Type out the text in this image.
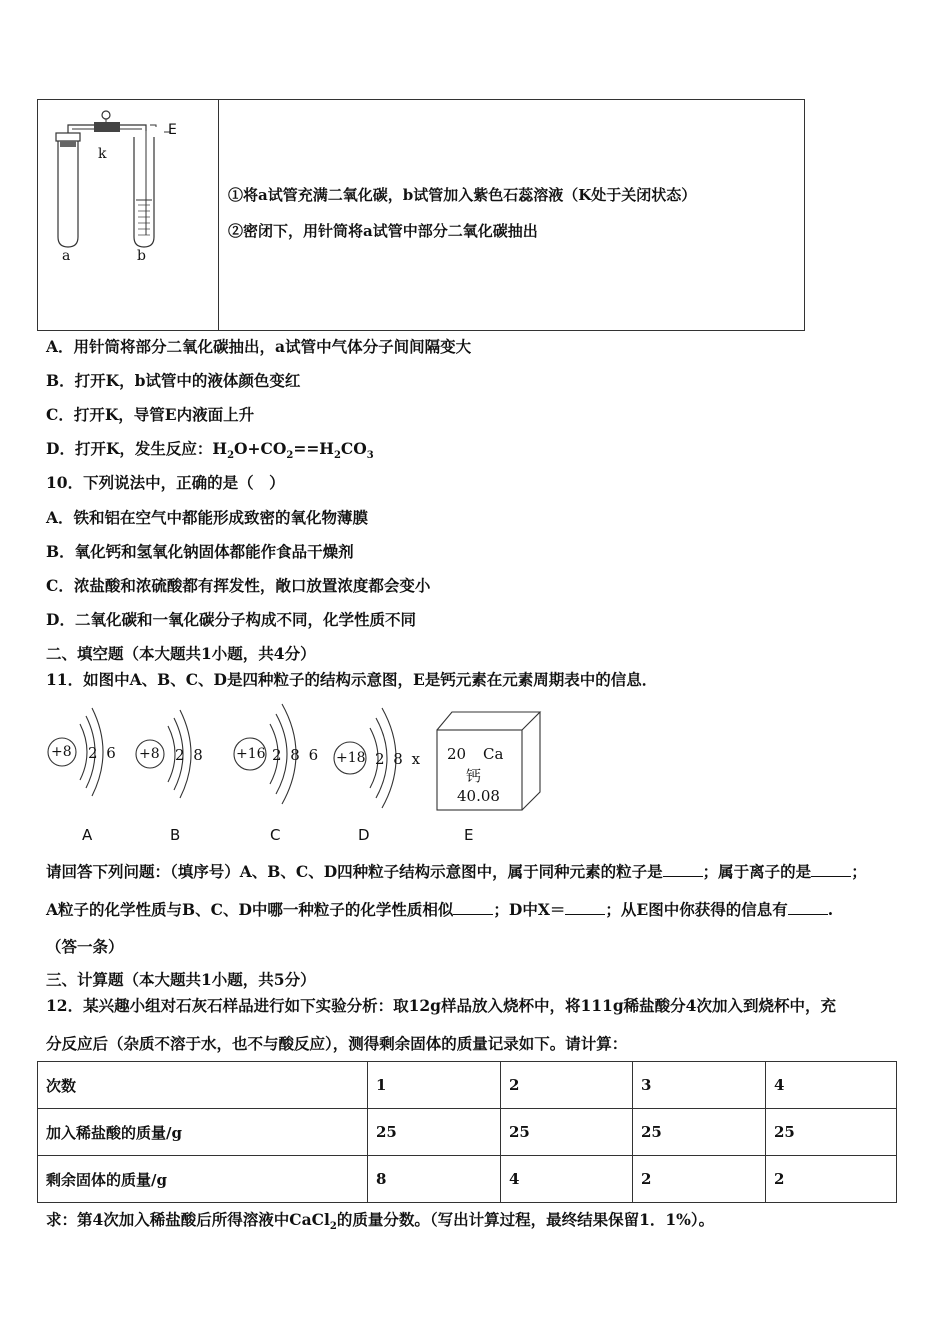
E
k
a	b
①将a试管充满二氧化碳，b试管加入紫色石蕊溶液（K处于关闭状态）
②密闭下，用针筒将a试管中部分二氧化碳抽出
A．用针筒将部分二氧化碳抽出，a试管中气体分子间间隔变大
B．打开K，b试管中的液体颜色变红
C．打开K，导管E内液面上升
D．打开K，发生反应：$H_2O+CO_2==H_2CO_3$
10．下列说法中，正确的是（　）
A．铁和铝在空气中都能形成致密的氧化物薄膜
B．氧化钙和氢氧化钠固体都能作食品干燥剂
C．浓盐酸和浓硫酸都有挥发性，敞口放置浓度都会变小
D．二氧化碳和一氧化碳分子构成不同，化学性质不同
二、填空题（本大题共1小题，共4分）
11．如图中A、B、C、D是四种粒子的结构示意图，E是钙元素在元素周期表中的信息．
+8 2 6 +8 2 8 +16 2 8 6 +18 2 8 x 20 Ca
钙
40.08
A	B	C	D	E
请回答下列问题：（填序号）A、B、C、D四种粒子结构示意图中，属于同种元素的粒子是	；属于离子的是	；
A粒子的化学性质与B、C、D中哪一种粒子的化学性质相似	；D中X＝	；从E图中你获得的信息有	.
（答一条）
三、计算题（本大题共1小题，共5分）
12．某兴趣小组对石灰石样品进行如下实验分析：取12g样品放入烧杯中，将111g稀盐酸分4次加入到烧杯中，充
分反应后（杂质不溶于水，也不与酸反应），测得剩余固体的质量记录如下。请计算：
次数	1	2	3	4
加入稀盐酸的质量/g	25	25	25	25
剩余固体的质量/g	8	4	2	2
求：第4次加入稀盐酸后所得溶液中CaCl$_2$的质量分数。（写出计算过程，最终结果保留1．1%）。
